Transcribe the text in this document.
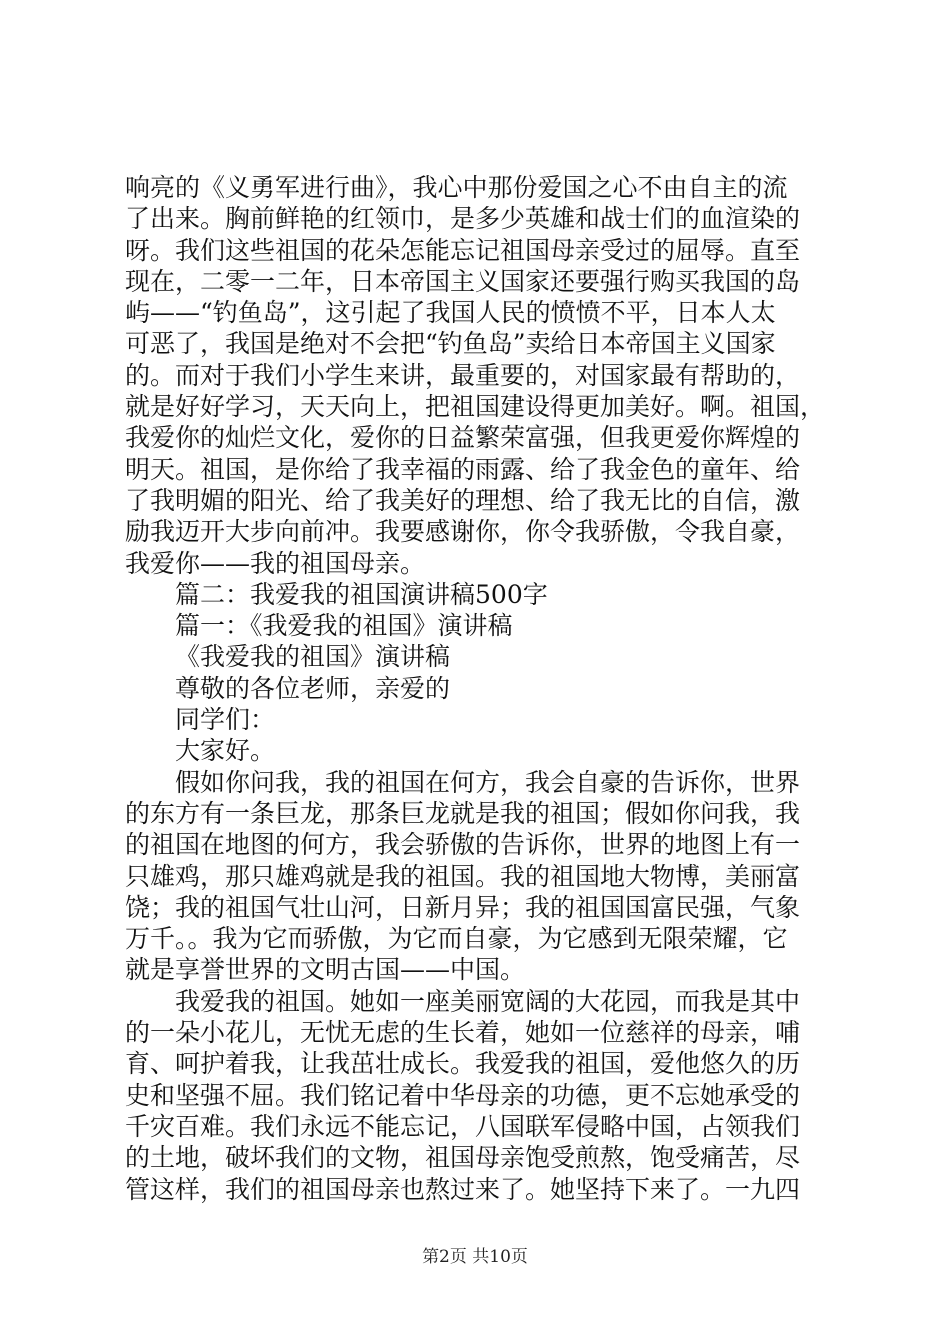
响亮的《义勇军进行曲》，我心中那份爱国之心不由自主的流
了出来。胸前鲜艳的红领巾，是多少英雄和战士们的血渲染的
呀。我们这些祖国的花朵怎能忘记祖国母亲受过的屈辱。直至
现在，二零一二年，日本帝国主义国家还要强行购买我国的岛
屿——“钓鱼岛”，这引起了我国人民的愤愤不平，日本人太
可恶了，我国是绝对不会把“钓鱼岛”卖给日本帝国主义国家
的。而对于我们小学生来讲，最重要的，对国家最有帮助的，
就是好好学习，天天向上，把祖国建设得更加美好。啊。祖国，
我爱你的灿烂文化，爱你的日益繁荣富强，但我更爱你辉煌的
明天。祖国，是你给了我幸福的雨露、给了我金色的童年、给
了我明媚的阳光、给了我美好的理想、给了我无比的自信，激
励我迈开大步向前冲。我要感谢你，你令我骄傲，令我自豪，
我爱你——我的祖国母亲。
篇二：我爱我的祖国演讲稿500字
篇一：《我爱我的祖国》演讲稿
《我爱我的祖国》演讲稿
尊敬的各位老师，亲爱的
同学们：
大家好。
假如你问我，我的祖国在何方，我会自豪的告诉你，世界
的东方有一条巨龙，那条巨龙就是我的祖国；假如你问我，我
的祖国在地图的何方，我会骄傲的告诉你，世界的地图上有一
只雄鸡，那只雄鸡就是我的祖国。我的祖国地大物博，美丽富
饶；我的祖国气壮山河，日新月异；我的祖国国富民强，气象
万千。。我为它而骄傲，为它而自豪，为它感到无限荣耀，它
就是享誉世界的文明古国——中国。
我爱我的祖国。她如一座美丽宽阔的大花园，而我是其中
的一朵小花儿，无忧无虑的生长着，她如一位慈祥的母亲，哺
育、呵护着我，让我茁壮成长。我爱我的祖国，爱他悠久的历
史和坚强不屈。我们铭记着中华母亲的功德，更不忘她承受的
千灾百难。我们永远不能忘记，八国联军侵略中国，占领我们
的土地，破坏我们的文物，祖国母亲饱受煎熬，饱受痛苦，尽
管这样，我们的祖国母亲也熬过来了。她坚持下来了。一九四
第2页 共10页
